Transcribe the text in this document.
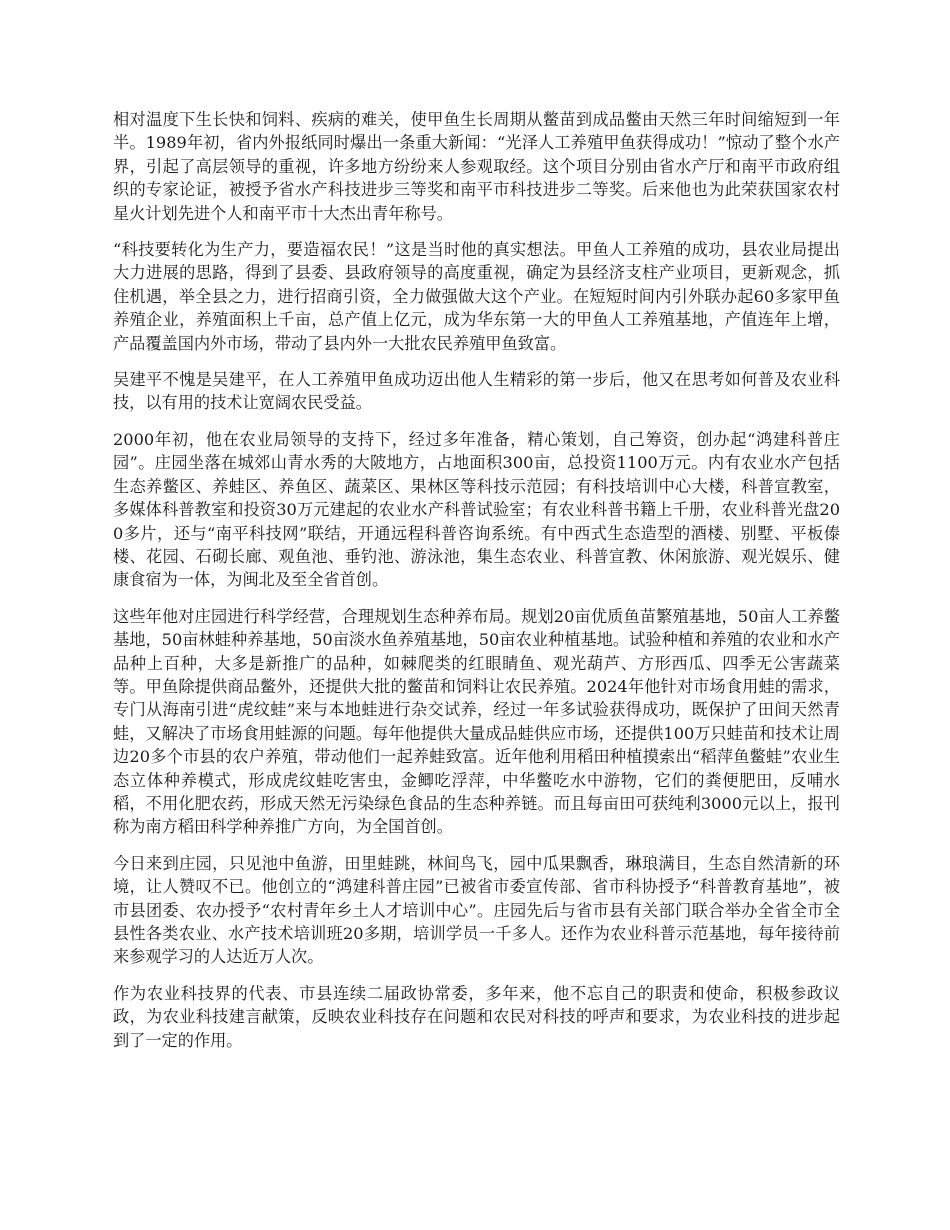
相对温度下生长快和饲料、疾病的难关，使甲鱼生长周期从鳖苗到成品鳖由天然三年时间缩短到一年半。1989年初，省内外报纸同时爆出一条重大新闻：“光泽人工养殖甲鱼获得成功！”惊动了整个水产界，引起了高层领导的重视，许多地方纷纷来人参观取经。这个项目分别由省水产厅和南平市政府组织的专家论证，被授予省水产科技进步三等奖和南平市科技进步二等奖。后来他也为此荣获国家农村星火计划先进个人和南平市十大杰出青年称号。

“科技要转化为生产力，要造福农民！”这是当时他的真实想法。甲鱼人工养殖的成功，县农业局提出大力进展的思路，得到了县委、县政府领导的高度重视，确定为县经济支柱产业项目，更新观念，抓住机遇，举全县之力，进行招商引资，全力做强做大这个产业。在短短时间内引外联办起60多家甲鱼养殖企业，养殖面积上千亩，总产值上亿元，成为华东第一大的甲鱼人工养殖基地，产值连年上增，产品覆盖国内外市场，带动了县内外一大批农民养殖甲鱼致富。

吴建平不愧是吴建平，在人工养殖甲鱼成功迈出他人生精彩的第一步后，他又在思考如何普及农业科技，以有用的技术让宽阔农民受益。

2000年初，他在农业局领导的支持下，经过多年准备，精心策划，自己筹资，创办起“鸿建科普庄园”。庄园坐落在城郊山青水秀的大陂地方，占地面积300亩，总投资1100万元。内有农业水产包括生态养鳖区、养蛙区、养鱼区、蔬菜区、果林区等科技示范园；有科技培训中心大楼，科普宣教室，多媒体科普教室和投资30万元建起的农业水产科普试验室；有农业科普书籍上千册，农业科普光盘200多片，还与“南平科技网”联结，开通远程科普咨询系统。有中西式生态造型的酒楼、别墅、平板傣楼、花园、石砌长廊、观鱼池、垂钓池、游泳池，集生态农业、科普宣教、休闲旅游、观光娱乐、健康食宿为一体，为闽北及至全省首创。

这些年他对庄园进行科学经营，合理规划生态种养布局。规划20亩优质鱼苗繁殖基地，50亩人工养鳖基地，50亩林蛙种养基地，50亩淡水鱼养殖基地，50亩农业种植基地。试验种植和养殖的农业和水产品种上百种，大多是新推广的品种，如棘爬类的红眼睛鱼、观光葫芦、方形西瓜、四季无公害蔬菜等。甲鱼除提供商品鳖外，还提供大批的鳖苗和饲料让农民养殖。2024年他针对市场食用蛙的需求，专门从海南引进“虎纹蛙”来与本地蛙进行杂交试养，经过一年多试验获得成功，既保护了田间天然青蛙，又解决了市场食用蛙源的问题。每年他提供大量成品蛙供应市场，还提供100万只蛙苗和技术让周边20多个市县的农户养殖，带动他们一起养蛙致富。近年他利用稻田种植摸索出“稻萍鱼鳖蛙”农业生态立体种养模式，形成虎纹蛙吃害虫，金鲫吃浮萍，中华鳖吃水中游物，它们的粪便肥田，反哺水稻，不用化肥农药，形成天然无污染绿色食品的生态种养链。而且每亩田可获纯利3000元以上，报刊称为南方稻田科学种养推广方向，为全国首创。

今日来到庄园，只见池中鱼游，田里蛙跳，林间鸟飞，园中瓜果飘香，琳琅满目，生态自然清新的环境，让人赞叹不已。他创立的“鸿建科普庄园”已被省市委宣传部、省市科协授予“科普教育基地”，被市县团委、农办授予“农村青年乡土人才培训中心”。庄园先后与省市县有关部门联合举办全省全市全县性各类农业、水产技术培训班20多期，培训学员一千多人。还作为农业科普示范基地，每年接待前来参观学习的人达近万人次。

作为农业科技界的代表、市县连续二届政协常委，多年来，他不忘自己的职责和使命，积极参政议政，为农业科技建言献策，反映农业科技存在问题和农民对科技的呼声和要求，为农业科技的进步起到了一定的作用。
